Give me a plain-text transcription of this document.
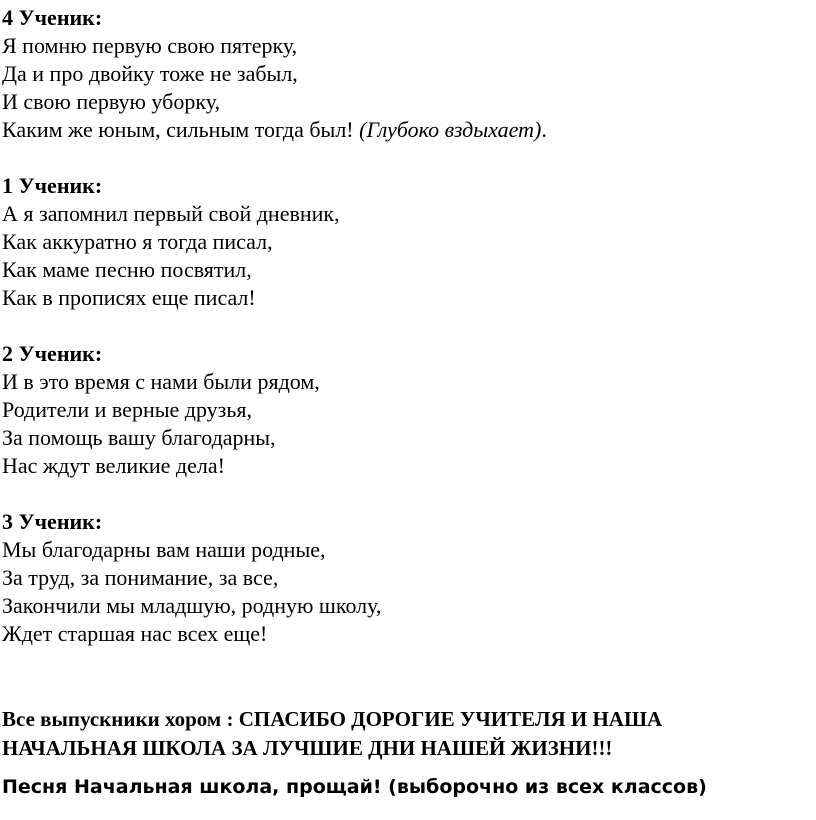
4 Ученик:
Я помню первую свою пятерку,
Да и про двойку тоже не забыл,
И свою первую уборку,
Каким же юным, сильным тогда был! (Глубоко вздыхает).
1 Ученик:
А я запомнил первый свой дневник,
Как аккуратно я тогда писал,
Как маме песню посвятил,
Как в прописях еще писал!
2 Ученик:
И в это время с нами были рядом,
Родители и верные друзья,
За помощь вашу благодарны,
Нас ждут великие дела!
3 Ученик:
Мы благодарны вам наши родные,
За труд, за понимание, за все,
Закончили мы младшую, родную школу,
Ждет старшая нас всех еще!
Все выпускники хором : СПАСИБО ДОРОГИЕ УЧИТЕЛЯ И НАША НАЧАЛЬНАЯ ШКОЛА ЗА ЛУЧШИЕ ДНИ НАШЕЙ ЖИЗНИ!!!
Песня Начальная школа, прощай! (выборочно из всех классов)
